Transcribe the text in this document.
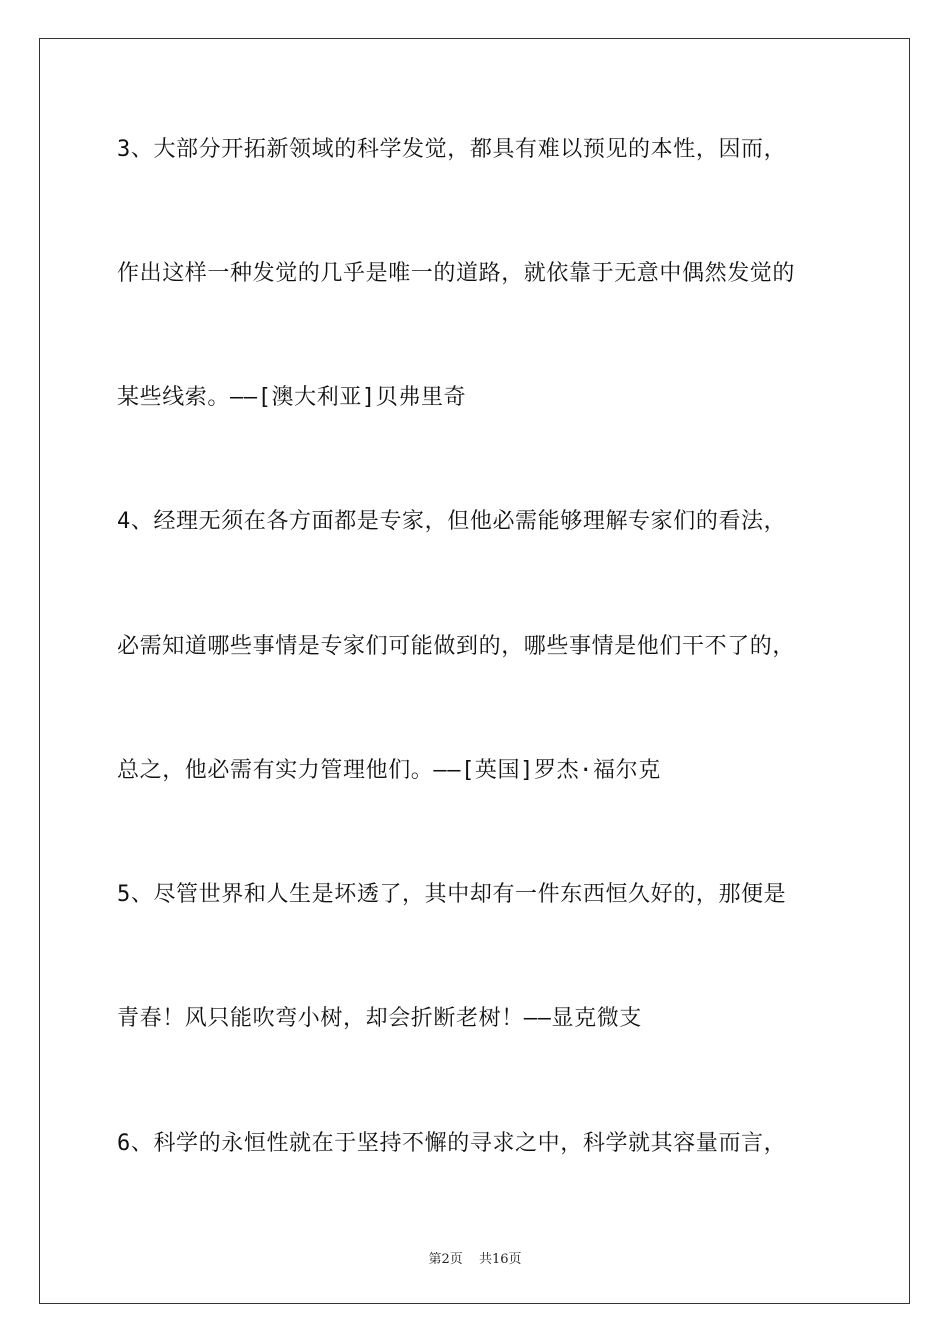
3、大部分开拓新领域的科学发觉，都具有难以预见的本性，因而，
作出这样一种发觉的几乎是唯一的道路，就依靠于无意中偶然发觉的
某些线索。——[澳大利亚]贝弗里奇
4、经理无须在各方面都是专家，但他必需能够理解专家们的看法，
必需知道哪些事情是专家们可能做到的，哪些事情是他们干不了的，
总之，他必需有实力管理他们。——[英国]罗杰·福尔克
5、尽管世界和人生是坏透了，其中却有一件东西恒久好的，那便是
青春！风只能吹弯小树，却会折断老树！——显克微支
6、科学的永恒性就在于坚持不懈的寻求之中，科学就其容量而言，
第2页 共16页
